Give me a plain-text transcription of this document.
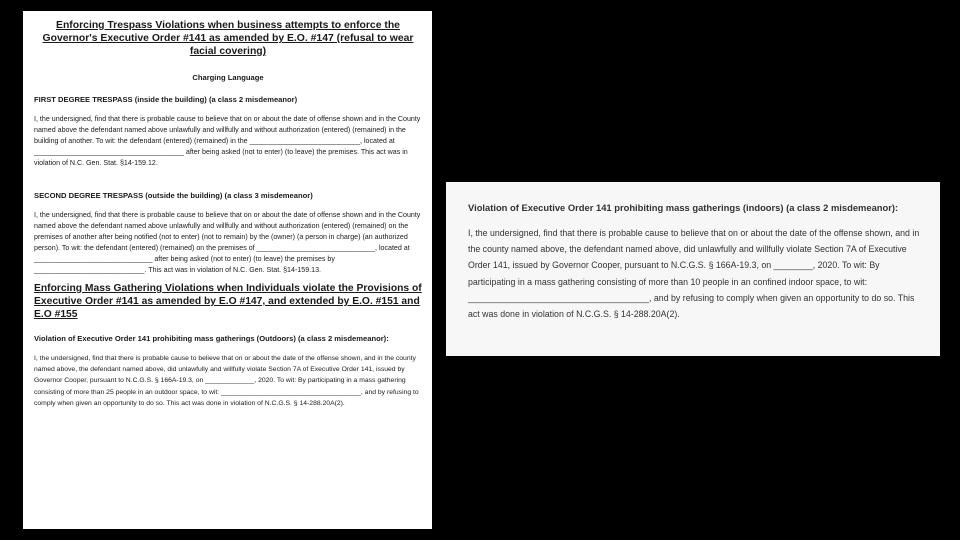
Enforcing Trespass Violations when business attempts to enforce the Governor's Executive Order #141 as amended by E.O. #147 (refusal to wear facial covering)

Charging Language

FIRST DEGREE TRESPASS (inside the building) (a class 2 misdemeanor)

I, the undersigned, find that there is probable cause to believe that on or about the date of offense shown and in the County named above the defendant named above unlawfully and willfully and without authorization (entered) (remained) in the building of another. To wit: the defendant (entered) (remained) in the ____________________________, located at ______________________________________ after being asked (not to enter) (to leave) the premises. This act was in violation of N.C. Gen. Stat. §14-159.12.

SECOND DEGREE TRESPASS (outside the building) (a class 3 misdemeanor)

I, the undersigned, find that there is probable cause to believe that on or about the date of offense shown and in the County named above the defendant named above unlawfully and willfully and without authorization (entered) (remained) on the premises of another after being notified (not to enter) (not to remain) by the (owner) (a person in charge) (an authorized person). To wit: the defendant (entered) (remained) on the premises of ______________________________, located at ______________________________ after being asked (not to enter) (to leave) the premises by ____________________________. This act was in violation of N.C. Gen. Stat. §14-159.13.

Enforcing Mass Gathering Violations when Individuals violate the Provisions of Executive Order #141 as amended by E.O #147, and extended by E.O. #151 and E.O #155

Violation of Executive Order 141 prohibiting mass gatherings (Outdoors) (a class 2 misdemeanor):

I, the undersigned, find that there is probable cause to believe that on or about the date of the offense shown, and in the county named above, the defendant named above, did unlawfully and willfully violate Section 7A of Executive Order 141, issued by Governor Cooper, pursuant to N.C.G.S. § 166A-19.3, on _____________, 2020. To wit: By participating in a mass gathering consisting of more than 25 people in an outdoor space, to wit: _____________________________________, and by refusing to comply when given an opportunity to do so. This act was done in violation of N.C.G.S. § 14-288.20A(2).

Violation of Executive Order 141 prohibiting mass gatherings (indoors) (a class 2 misdemeanor):

I, the undersigned, find that there is probable cause to believe that on or about the date of the offense shown, and in the county named above, the defendant named above, did unlawfully and willfully violate Section 7A of Executive Order 141, issued by Governor Cooper, pursuant to N.C.G.S. § 166A-19.3, on ________, 2020. To wit: By participating in a mass gathering consisting of more than 10 people in an confined indoor space, to wit: _____________________________________, and by refusing to comply when given an opportunity to do so. This act was done in violation of N.C.G.S. § 14-288.20A(2).
